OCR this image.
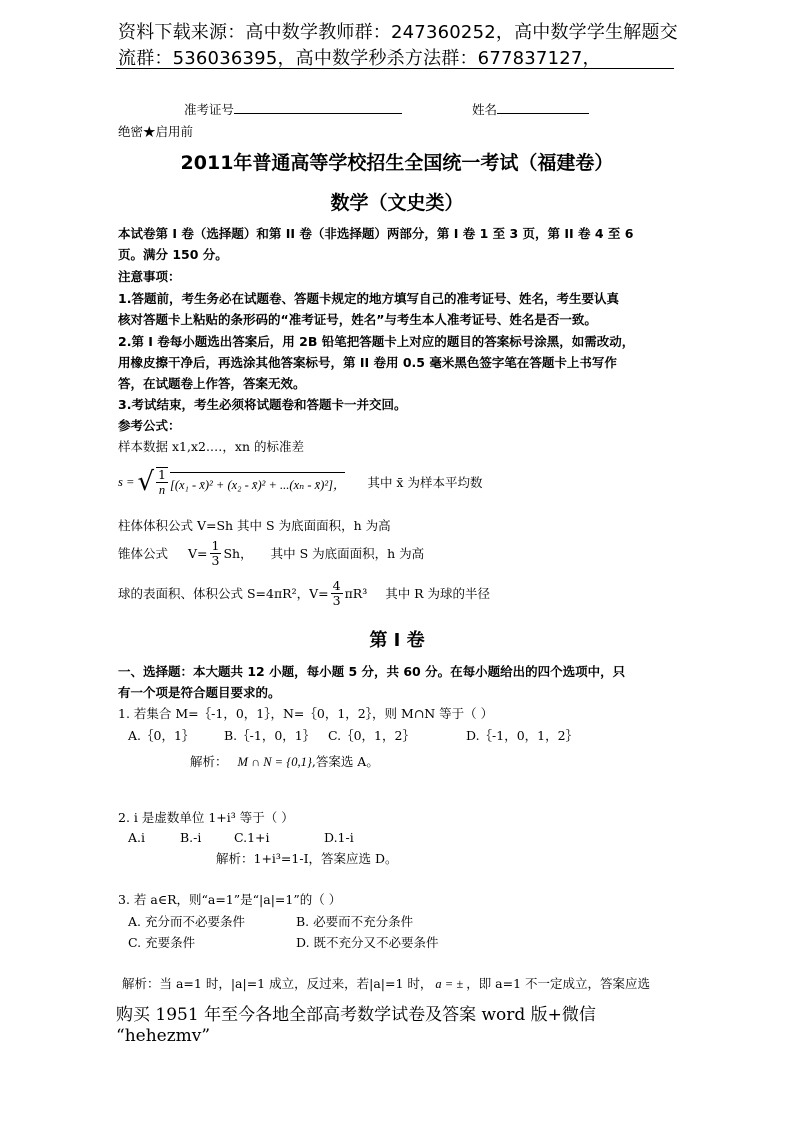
资料下载来源：高中数学教师群：247360252，高中数学学生解题交
流群：536036395，高中数学秒杀方法群：677837127，
准考证号	姓名
绝密★启用前
2011年普通高等学校招生全国统一考试（福建卷）
数学（文史类）
本试卷第 I 卷（选择题）和第 II 卷（非选择题）两部分，第 I 卷 1 至 3 页，第 II 卷 4 至 6
页。满分 150 分。
注意事项：
1.答题前，考生务必在试题卷、答题卡规定的地方填写自己的准考证号、姓名，考生要认真
核对答题卡上粘贴的条形码的“准考证号，姓名”与考生本人准考证号、姓名是否一致。
2.第 I 卷每小题选出答案后，用 2B 铅笔把答题卡上对应的题目的答案标号涂黑，如需改动，
用橡皮擦干净后，再选涂其他答案标号，第 II 卷用 0.5 毫米黑色签字笔在答题卡上书写作
答，在试题卷上作答，答案无效。
3.考试结束，考生必须将试题卷和答题卡一并交回。
参考公式：
样本数据 x1,x2.…，xn 的标准差
s = √ $\frac{1}{n} [(x_1$ - x̄)² + (x₂ - x̄)² + ...(xₙ - x̄)²]， 其中 x̄ 为样本平均数
柱体体积公式 V=Sh 其中 S 为底面面积，h 为高
锥体公式 $V= \frac{1}{3}$ Sh， 其中 S 为底面面积，h 为高
球的表面积、体积公式 S=4πR²，$V= \frac{4}{3} \pi R^3$ 其中 R 为球的半径
第 I 卷
一、选择题：本大题共 12 小题，每小题 5 分，共 60 分。在每小题给出的四个选项中，只
有一个项是符合题目要求的。
1. 若集合 M=｛-1，0，1｝，N=｛0，1，2｝，则 M∩N 等于（ ）
A.｛0，1｝ B.｛-1，0，1｝ C.｛0，1，2｝	D.｛-1，0，1，2｝
解析： M ∩ N = {0,1},答案选 A。
2. i 是虚数单位 1+i³ 等于（ ）
A.i	B.-i	C.1+i	D.1-i
解析：1+i³=1-I，答案应选 D。
3. 若 a∈R，则“a=1”是“|a|=1”的（ ）
A. 充分而不必要条件	B. 必要而不充分条件
C. 充要条件	D. 既不充分又不必要条件
解析：当 a=1 时，|a|=1 成立，反过来，若|a|=1 时， a = ± ，即 a=1 不一定成立，答案应选
购买 1951 年至今各地全部高考数学试卷及答案 word 版+微信
“hehezmv”
